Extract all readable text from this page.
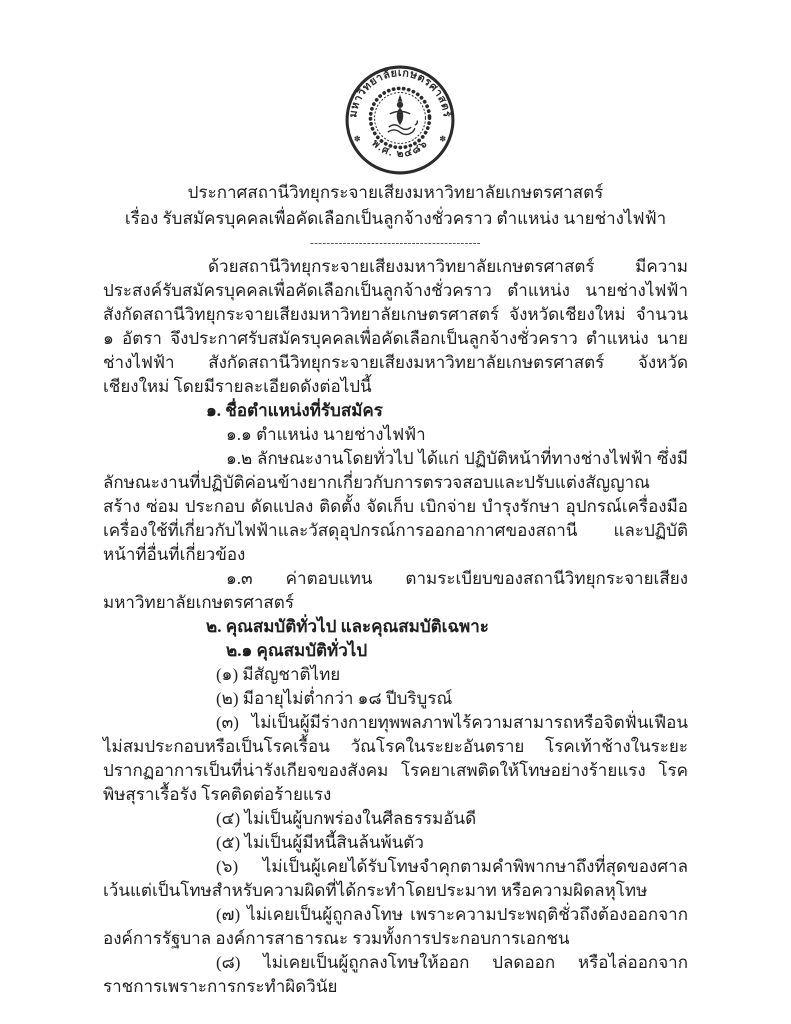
มหาวิทยาลัยเกษตรศาสตร์
พ.ศ. ๒๔๘๖
✽	✽
ประกาศสถานีวิทยุกระจายเสียงมหาวิทยาลัยเกษตรศาสตร์
เรื่อง รับสมัครบุคคลเพื่อคัดเลือกเป็นลูกจ้างชั่วคราว ตำแหน่ง นายช่างไฟฟ้า
------------------------------------------

ด้วยสถานีวิทยุกระจายเสียงมหาวิทยาลัยเกษตรศาสตร์ มีความประสงค์รับสมัครบุคคลเพื่อคัดเลือกเป็นลูกจ้างชั่วคราว ตำแหน่ง นายช่างไฟฟ้า สังกัดสถานีวิทยุกระจายเสียงมหาวิทยาลัยเกษตรศาสตร์ จังหวัดเชียงใหม่ จำนวน ๑ อัตรา จึงประกาศรับสมัครบุคคลเพื่อคัดเลือกเป็นลูกจ้างชั่วคราว ตำแหน่ง นายช่างไฟฟ้า สังกัดสถานีวิทยุกระจายเสียงมหาวิทยาลัยเกษตรศาสตร์ จังหวัดเชียงใหม่ โดยมีรายละเอียดดังต่อไปนี้

๑. ชื่อตำแหน่งที่รับสมัคร

๑.๑ ตำแหน่ง นายช่างไฟฟ้า

๑.๒ ลักษณะงานโดยทั่วไป ได้แก่ ปฏิบัติหน้าที่ทางช่างไฟฟ้า ซึ่งมีลักษณะงานที่ปฏิบัติค่อนข้างยากเกี่ยวกับการตรวจสอบและปรับแต่งสัญญาณ สร้าง ซ่อม ประกอบ ดัดแปลง ติดตั้ง จัดเก็บ เบิกจ่าย บำรุงรักษา อุปกรณ์เครื่องมือเครื่องใช้ที่เกี่ยวกับไฟฟ้าและวัสดุอุปกรณ์การออกอากาศของสถานี และปฏิบัติหน้าที่อื่นที่เกี่ยวข้อง

๑.๓ ค่าตอบแทน ตามระเบียบของสถานีวิทยุกระจายเสียงมหาวิทยาลัยเกษตรศาสตร์

๒. คุณสมบัติทั่วไป และคุณสมบัติเฉพาะ

๒.๑ คุณสมบัติทั่วไป

(๑) มีสัญชาติไทย

(๒) มีอายุไม่ต่ำกว่า ๑๘ ปีบริบูรณ์

(๓) ไม่เป็นผู้มีร่างกายทุพพลภาพไร้ความสามารถหรือจิตฟั่นเฟือนไม่สมประกอบหรือเป็นโรคเรื้อน วัณโรคในระยะอันตราย โรคเท้าช้างในระยะปรากฏอาการเป็นที่น่ารังเกียจของสังคม โรคยาเสพติดให้โทษอย่างร้ายแรง โรคพิษสุราเรื้อรัง โรคติดต่อร้ายแรง

(๔) ไม่เป็นผู้บกพร่องในศีลธรรมอันดี

(๕) ไม่เป็นผู้มีหนี้สินล้นพ้นตัว

(๖) ไม่เป็นผู้เคยได้รับโทษจำคุกตามคำพิพากษาถึงที่สุดของศาล เว้นแต่เป็นโทษสำหรับความผิดที่ได้กระทำโดยประมาท หรือความผิดลหุโทษ

(๗) ไม่เคยเป็นผู้ถูกลงโทษ เพราะความประพฤติชั่วถึงต้องออกจากองค์การรัฐบาล องค์การสาธารณะ รวมทั้งการประกอบการเอกชน

(๘) ไม่เคยเป็นผู้ถูกลงโทษให้ออก ปลดออก หรือไล่ออกจากราชการเพราะการกระทำผิดวินัย
